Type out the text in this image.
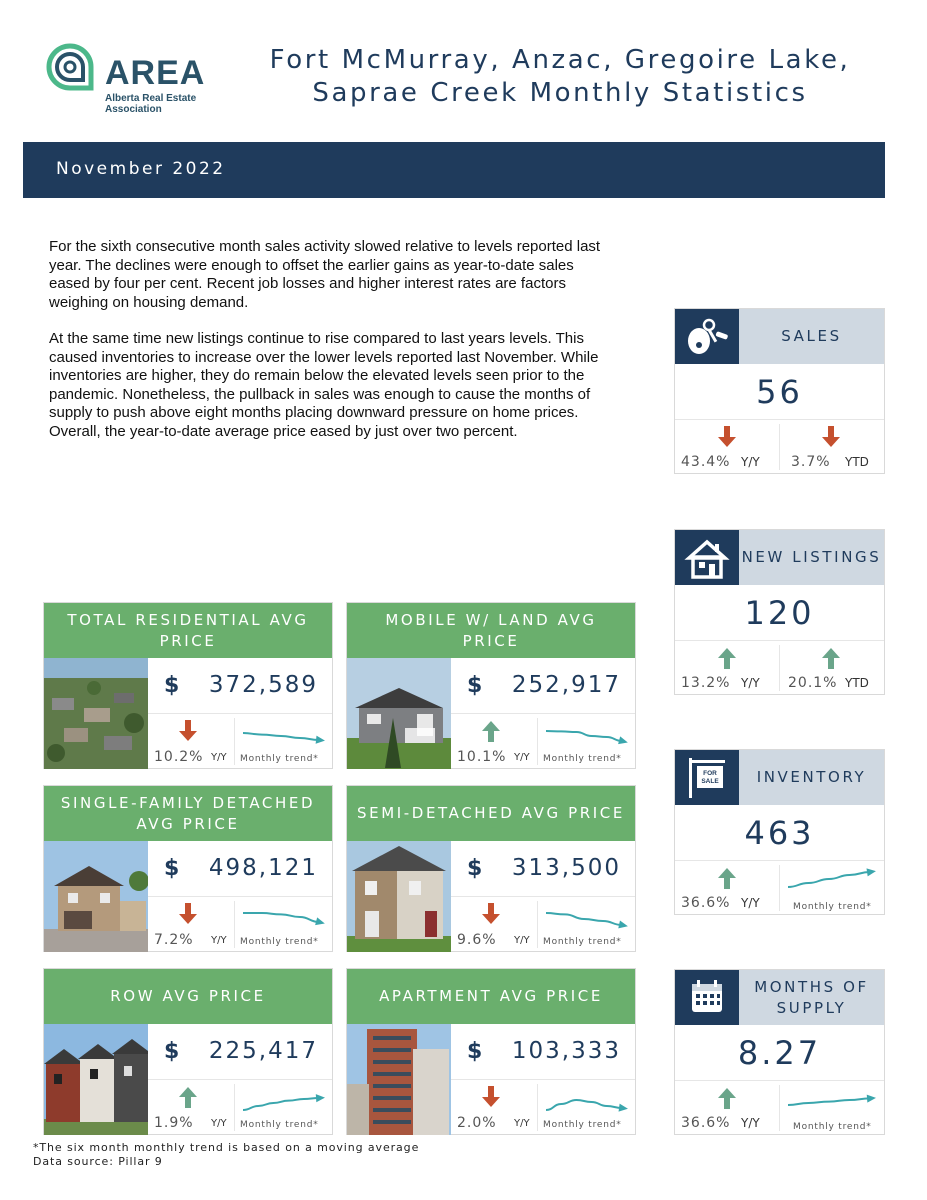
AREA
Alberta Real Estate
Association
Fort McMurray, Anzac, Gregoire Lake, Saprae Creek Monthly Statistics
November 2022

For the sixth consecutive month sales activity slowed relative to levels reported last year. The declines were enough to offset the earlier gains as year-to-date sales eased by four per cent. Recent job losses and higher interest rates are factors weighing on housing demand.

At the same time new listings continue to rise compared to last years levels. This caused inventories to increase over the lower levels reported last November. While inventories are higher, they do remain below the elevated levels seen prior to the pandemic. Nonetheless, the pullback in sales was enough to cause the months of supply to push above eight months placing downward pressure on home prices. Overall, the year-to-date average price eased by just over two percent.

TOTAL RESIDENTIAL AVG PRICE
$ 372,589
10.2% Y/Y Monthly trend*
MOBILE W/ LAND AVG PRICE
$ 252,917
10.1% Y/Y Monthly trend*
SINGLE-FAMILY DETACHED AVG PRICE
$ 498,121
7.2% Y/Y Monthly trend*
SEMI-DETACHED AVG PRICE
$ 313,500
9.6% Y/Y Monthly trend*
ROW AVG PRICE
$ 225,417
1.9% Y/Y Monthly trend*
APARTMENT AVG PRICE
$ 103,333
2.0% Y/Y Monthly trend*
SALES
56
43.4% Y/Y 3.7% YTD
NEW LISTINGS
120
13.2% Y/Y 20.1% YTD
FOR
SALE	INVENTORY
463
36.6% Y/Y	Monthly trend*
MONTHS OF SUPPLY
8.27
36.6% Y/Y	Monthly trend*
*The six month monthly trend is based on a moving average
Data source: Pillar 9
